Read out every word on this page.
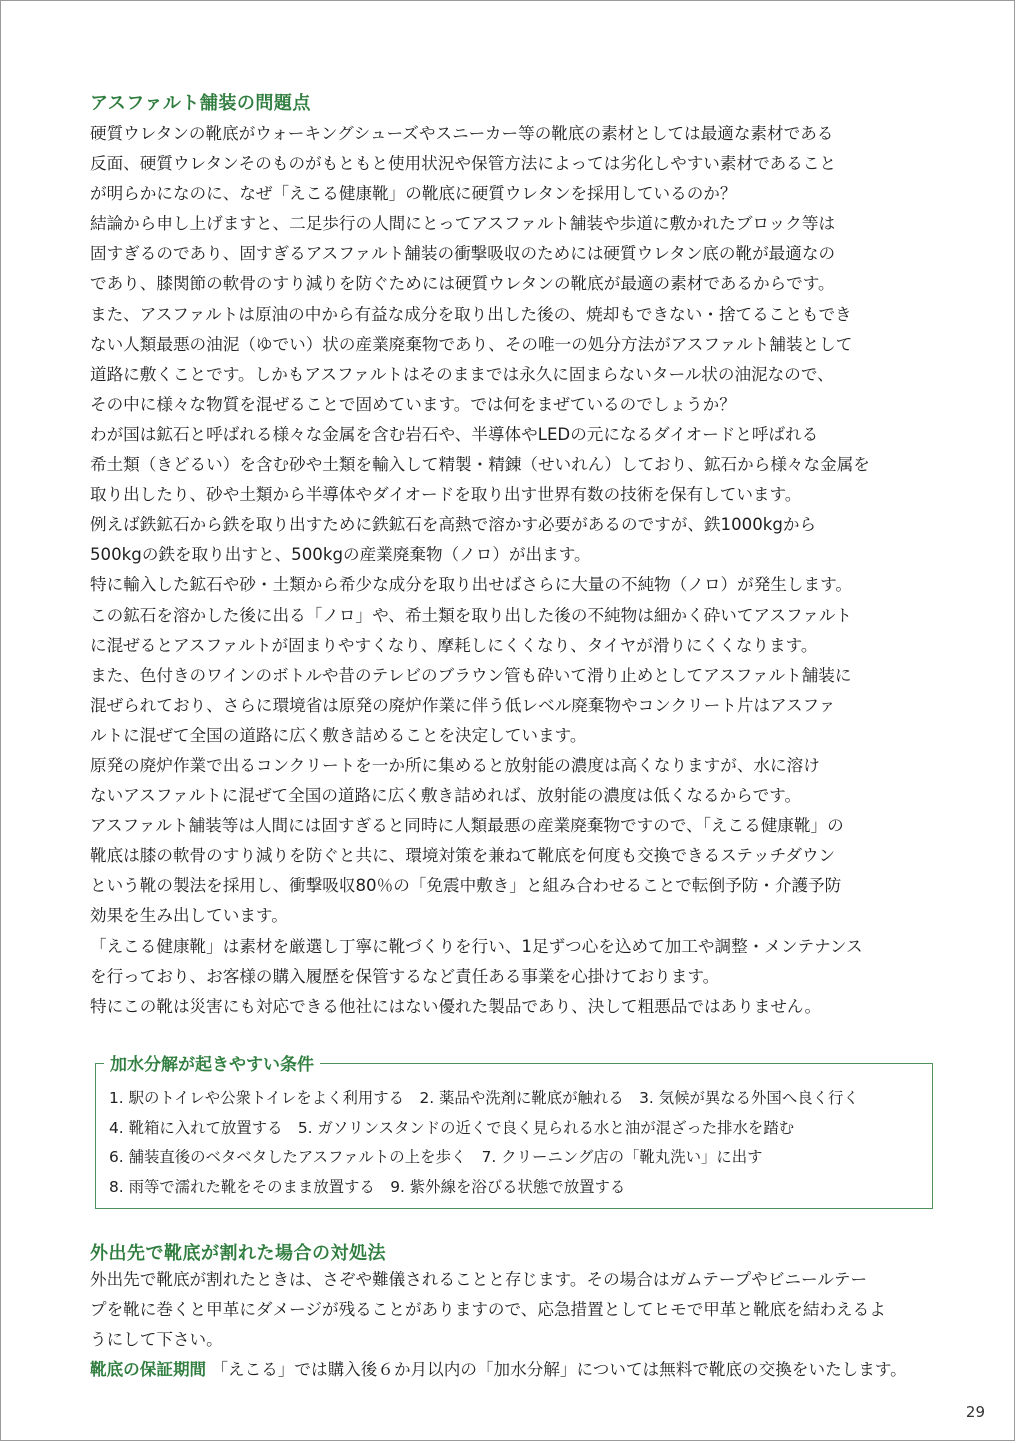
アスファルト舗装の問題点

硬質ウレタンの靴底がウォーキングシューズやスニーカー等の靴底の素材としては最適な素材である

反面、硬質ウレタンそのものがもともと使用状況や保管方法によっては劣化しやすい素材であること

が明らかになのに、なぜ「えこる健康靴」の靴底に硬質ウレタンを採用しているのか？

結論から申し上げますと、二足歩行の人間にとってアスファルト舗装や歩道に敷かれたブロック等は

固すぎるのであり、固すぎるアスファルト舗装の衝撃吸収のためには硬質ウレタン底の靴が最適なの

であり、膝関節の軟骨のすり減りを防ぐためには硬質ウレタンの靴底が最適の素材であるからです。

また、アスファルトは原油の中から有益な成分を取り出した後の、焼却もできない・捨てることもでき

ない人類最悪の油泥（ゆでい）状の産業廃棄物であり、その唯一の処分方法がアスファルト舗装として

道路に敷くことです。しかもアスファルトはそのままでは永久に固まらないタール状の油泥なので、

その中に様々な物質を混ぜることで固めています。では何をまぜているのでしょうか？

わが国は鉱石と呼ばれる様々な金属を含む岩石や、半導体やLEDの元になるダイオードと呼ばれる

希土類（きどるい）を含む砂や土類を輸入して精製・精錬（せいれん）しており、鉱石から様々な金属を

取り出したり、砂や土類から半導体やダイオードを取り出す世界有数の技術を保有しています。

例えば鉄鉱石から鉄を取り出すために鉄鉱石を高熱で溶かす必要があるのですが、鉄1000kgから

500kgの鉄を取り出すと、500kgの産業廃棄物（ノロ）が出ます。

特に輸入した鉱石や砂・土類から希少な成分を取り出せばさらに大量の不純物（ノロ）が発生します。

この鉱石を溶かした後に出る「ノロ」や、希土類を取り出した後の不純物は細かく砕いてアスファルト

に混ぜるとアスファルトが固まりやすくなり、摩耗しにくくなり、タイヤが滑りにくくなります。

また、色付きのワインのボトルや昔のテレビのブラウン管も砕いて滑り止めとしてアスファルト舗装に

混ぜられており、さらに環境省は原発の廃炉作業に伴う低レベル廃棄物やコンクリート片はアスファ

ルトに混ぜて全国の道路に広く敷き詰めることを決定しています。

原発の廃炉作業で出るコンクリートを一か所に集めると放射能の濃度は高くなりますが、水に溶け

ないアスファルトに混ぜて全国の道路に広く敷き詰めれば、放射能の濃度は低くなるからです。

アスファルト舗装等は人間には固すぎると同時に人類最悪の産業廃棄物ですので、「えこる健康靴」の

靴底は膝の軟骨のすり減りを防ぐと共に、環境対策を兼ねて靴底を何度も交換できるステッチダウン

という靴の製法を採用し、衝撃吸収80％の「免震中敷き」と組み合わせることで転倒予防・介護予防

効果を生み出しています。

「えこる健康靴」は素材を厳選し丁寧に靴づくりを行い、1足ずつ心を込めて加工や調整・メンテナンス

を行っており、お客様の購入履歴を保管するなど責任ある事業を心掛けております。

特にこの靴は災害にも対応できる他社にはない優れた製品であり、決して粗悪品ではありません。

加水分解が起きやすい条件
1. 駅のトイレや公衆トイレをよく利用する　2. 薬品や洗剤に靴底が触れる　3. 気候が異なる外国へ良く行く
4. 靴箱に入れて放置する　5. ガソリンスタンドの近くで良く見られる水と油が混ざった排水を踏む
6. 舗装直後のベタベタしたアスファルトの上を歩く　7. クリーニング店の「靴丸洗い」に出す
8. 雨等で濡れた靴をそのまま放置する　9. 紫外線を浴びる状態で放置する
外出先で靴底が割れた場合の対処法

外出先で靴底が割れたときは、さぞや難儀されることと存じます。その場合はガムテープやビニールテー

プを靴に巻くと甲革にダメージが残ることがありますので、応急措置としてヒモで甲革と靴底を結わえるよ

うにして下さい。

靴底の保証期間 「えこる」では購入後６か月以内の「加水分解」については無料で靴底の交換をいたします。

29
